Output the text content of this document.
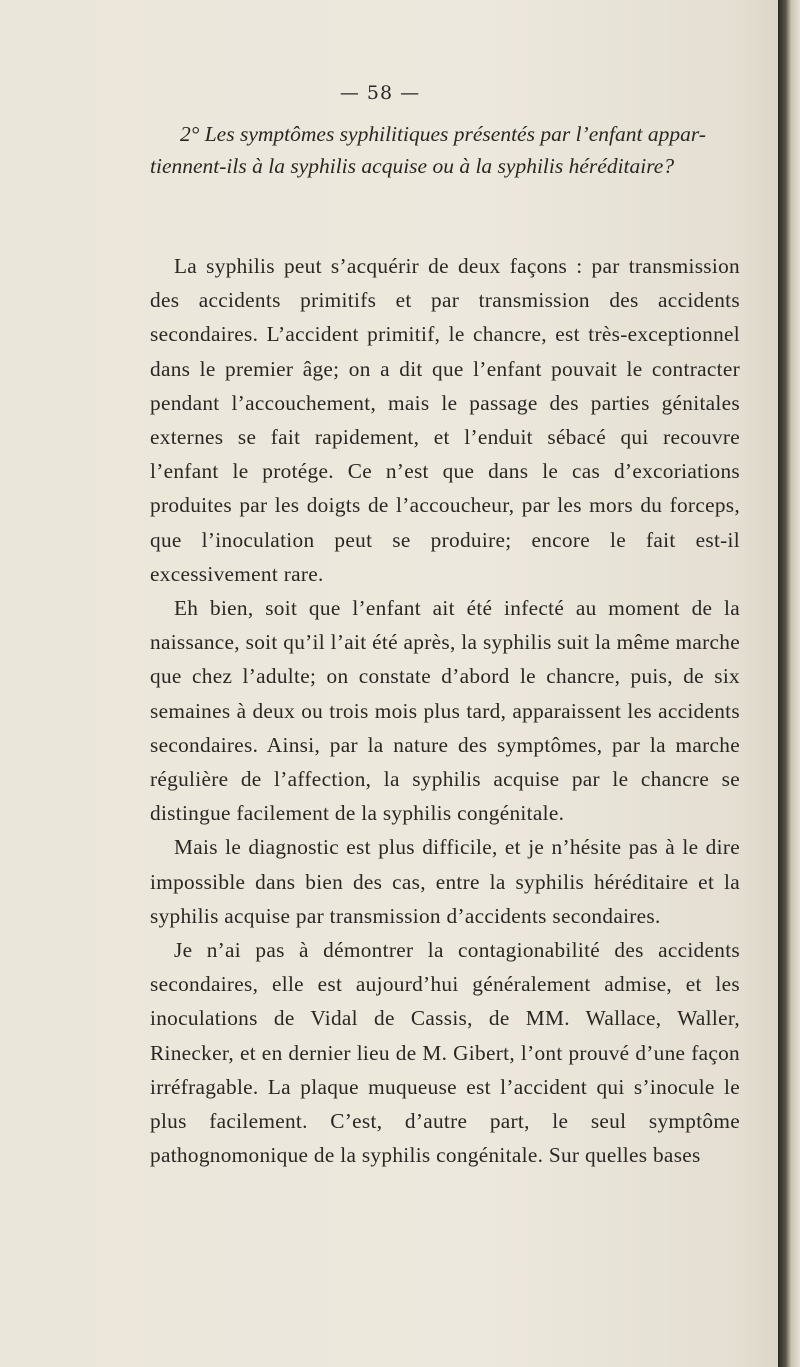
— 58 —
2° Les symptômes syphilitiques présentés par l’enfant appar-
tiennent-ils à la syphilis acquise ou à la syphilis héréditaire?

La syphilis peut s’acquérir de deux façons : par transmission des accidents primitifs et par transmission des accidents secondaires. L’accident primitif, le chancre, est très-exceptionnel dans le premier âge; on a dit que l’enfant pouvait le contracter pendant l’accouchement, mais le passage des parties génitales externes se fait rapidement, et l’enduit sébacé qui recouvre l’enfant le protége. Ce n’est que dans le cas d’excoriations produites par les doigts de l’accoucheur, par les mors du forceps, que l’inoculation peut se produire; encore le fait est-il excessivement rare.

Eh bien, soit que l’enfant ait été infecté au moment de la naissance, soit qu’il l’ait été après, la syphilis suit la même marche que chez l’adulte; on constate d’abord le chancre, puis, de six semaines à deux ou trois mois plus tard, apparaissent les accidents secondaires. Ainsi, par la nature des symptômes, par la marche régulière de l’affection, la syphilis acquise par le chancre se distingue facilement de la syphilis congénitale.

Mais le diagnostic est plus difficile, et je n’hésite pas à le dire impossible dans bien des cas, entre la syphilis héréditaire et la syphilis acquise par transmission d’accidents secondaires.

Je n’ai pas à démontrer la contagionabilité des accidents secondaires, elle est aujourd’hui généralement admise, et les inoculations de Vidal de Cassis, de MM. Wallace, Waller, Rinecker, et en dernier lieu de M. Gibert, l’ont prouvé d’une façon irréfragable. La plaque muqueuse est l’accident qui s’inocule le plus facilement. C’est, d’autre part, le seul symptôme pathognomonique de la syphilis congénitale. Sur quelles bases
